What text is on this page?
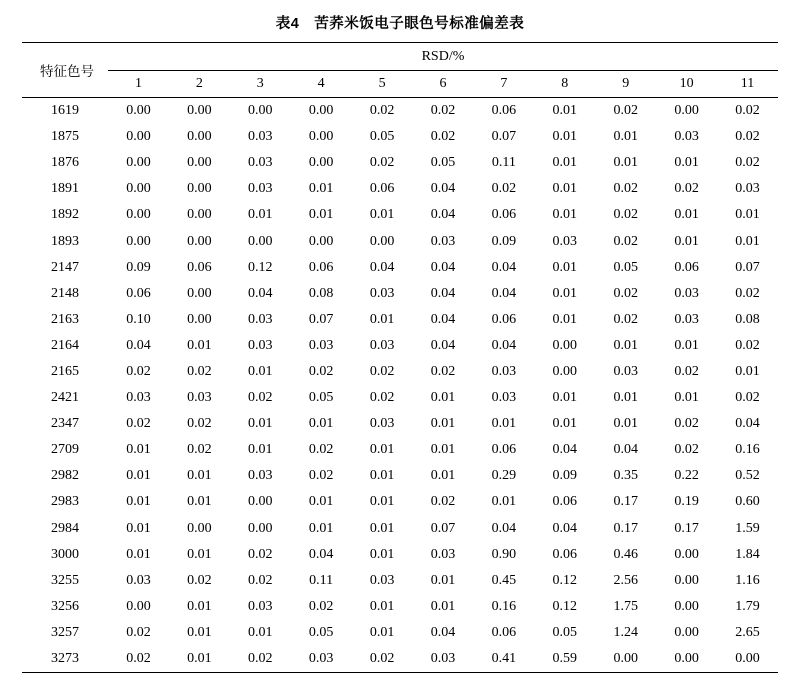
表4　苦荞米饭电子眼色号标准偏差表
特征色号	RSD/%										
	1	2	3	4	5	6	7	8	9	10	11
1619	0.00	0.00	0.00	0.00	0.02	0.02	0.06	0.01	0.02	0.00	0.02
1875	0.00	0.00	0.03	0.00	0.05	0.02	0.07	0.01	0.01	0.03	0.02
1876	0.00	0.00	0.03	0.00	0.02	0.05	0.11	0.01	0.01	0.01	0.02
1891	0.00	0.00	0.03	0.01	0.06	0.04	0.02	0.01	0.02	0.02	0.03
1892	0.00	0.00	0.01	0.01	0.01	0.04	0.06	0.01	0.02	0.01	0.01
1893	0.00	0.00	0.00	0.00	0.00	0.03	0.09	0.03	0.02	0.01	0.01
2147	0.09	0.06	0.12	0.06	0.04	0.04	0.04	0.01	0.05	0.06	0.07
2148	0.06	0.00	0.04	0.08	0.03	0.04	0.04	0.01	0.02	0.03	0.02
2163	0.10	0.00	0.03	0.07	0.01	0.04	0.06	0.01	0.02	0.03	0.08
2164	0.04	0.01	0.03	0.03	0.03	0.04	0.04	0.00	0.01	0.01	0.02
2165	0.02	0.02	0.01	0.02	0.02	0.02	0.03	0.00	0.03	0.02	0.01
2421	0.03	0.03	0.02	0.05	0.02	0.01	0.03	0.01	0.01	0.01	0.02
2347	0.02	0.02	0.01	0.01	0.03	0.01	0.01	0.01	0.01	0.02	0.04
2709	0.01	0.02	0.01	0.02	0.01	0.01	0.06	0.04	0.04	0.02	0.16
2982	0.01	0.01	0.03	0.02	0.01	0.01	0.29	0.09	0.35	0.22	0.52
2983	0.01	0.01	0.00	0.01	0.01	0.02	0.01	0.06	0.17	0.19	0.60
2984	0.01	0.00	0.00	0.01	0.01	0.07	0.04	0.04	0.17	0.17	1.59
3000	0.01	0.01	0.02	0.04	0.01	0.03	0.90	0.06	0.46	0.00	1.84
3255	0.03	0.02	0.02	0.11	0.03	0.01	0.45	0.12	2.56	0.00	1.16
3256	0.00	0.01	0.03	0.02	0.01	0.01	0.16	0.12	1.75	0.00	1.79
3257	0.02	0.01	0.01	0.05	0.01	0.04	0.06	0.05	1.24	0.00	2.65
3273	0.02	0.01	0.02	0.03	0.02	0.03	0.41	0.59	0.00	0.00	0.00
